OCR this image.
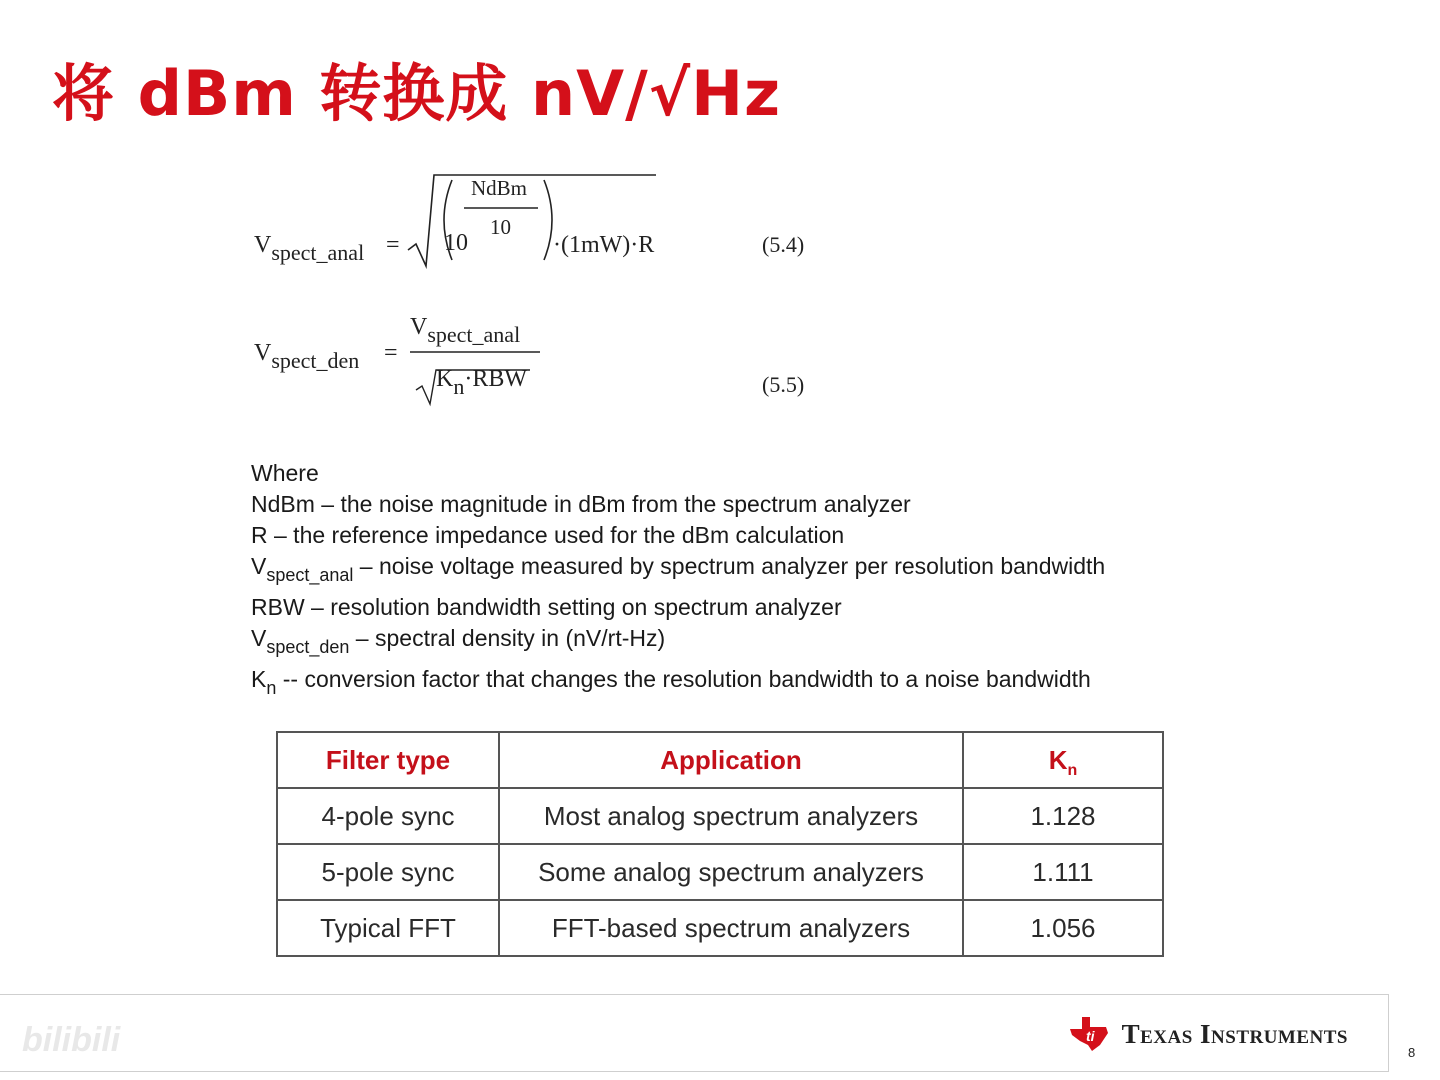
将 dBm 转换成 nV/√Hz
Vspect_anal =
NdBm
10
10	·(1mW)·R	(5.4)
Vspect_den =
Vspect_anal
Kn·RBW	(5.5)
Where
NdBm – the noise magnitude in dBm from the spectrum analyzer
R – the reference impedance used for the dBm calculation
$V_{spect\_anal}$ – noise voltage measured by spectrum analyzer per resolution bandwidth
RBW – resolution bandwidth setting on spectrum analyzer
$V_{spect\_den}$ – spectral density in (nV/rt-Hz)
$K_n$ -- conversion factor that changes the resolution bandwidth to a noise bandwidth
Filter type	Application	$K_n$
4-pole sync	Most analog spectrum analyzers	1.128
5-pole sync	Some analog spectrum analyzers	1.111
Typical FFT	FFT-based spectrum analyzers	1.056
bilibili	ti Texas Instruments
8
